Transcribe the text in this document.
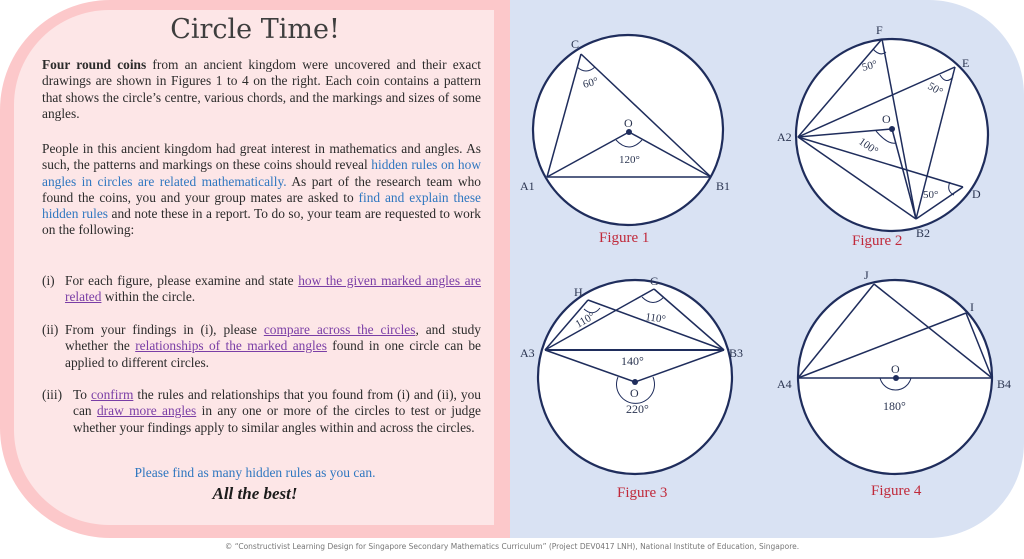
Circle Time!
Four round coins from an ancient kingdom were uncovered and their exact drawings are shown in Figures 1 to 4 on the right. Each coin contains a pattern that shows the circle’s centre, various chords, and the markings and sizes of some angles.
People in this ancient kingdom had great interest in mathematics and angles. As such, the patterns and markings on these coins should reveal hidden rules on how angles in circles are related mathematically. As part of the research team who found the coins, you and your group mates are asked to find and explain these hidden rules and note these in a report. To do so, your team are requested to work on the following:
(i) For each figure, please examine and state how the given marked angles are related within the circle.
(ii) From your findings in (i), please compare across the circles, and study whether the relationships of the marked angles found in one circle can be applied to different circles.
(iii) To confirm the rules and relationships that you found from (i) and (ii), you can draw more angles in any one or more of the circles to test or judge whether your findings apply to similar angles within and across the circles.
Please find as many hidden rules as you can.
All the best!
C
O
A1	B1
60°
120°
Figure 1
F
E
D
O
A2
B2
50°
50°
50°
100°
Figure 2
H
G
A3	B3
O
110°	110°
140°
220°
Figure 3
J
I
O
A4	B4
180°
Figure 4
© “Constructivist Learning Design for Singapore Secondary Mathematics Curriculum” (Project DEV0417 LNH), National Institute of Education, Singapore.
